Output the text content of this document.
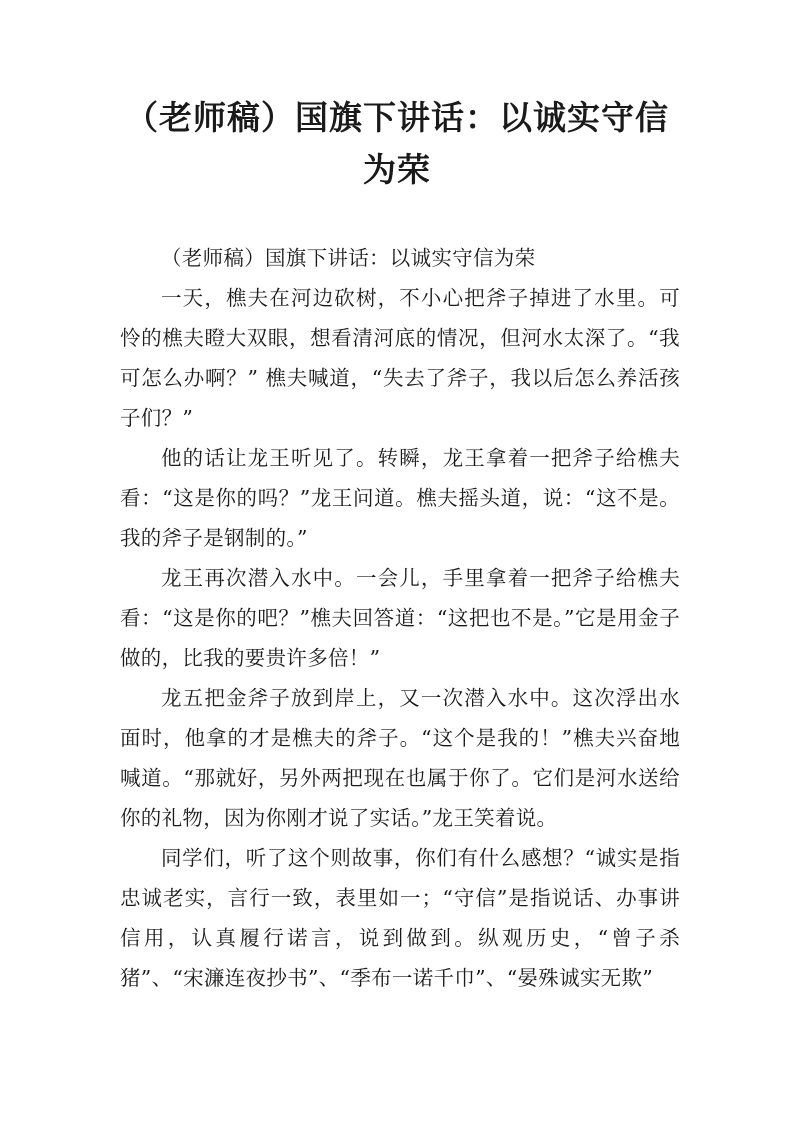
（老师稿）国旗下讲话：以诚实守信为荣

（老师稿）国旗下讲话：以诚实守信为荣

一天，樵夫在河边砍树，不小心把斧子掉进了水里。可怜的樵夫瞪大双眼，想看清河底的情况，但河水太深了。“我可怎么办啊？” 樵夫喊道，“失去了斧子，我以后怎么养活孩子们？”

他的话让龙王听见了。转瞬，龙王拿着一把斧子给樵夫看：“这是你的吗？”龙王问道。樵夫摇头道，说：“这不是。我的斧子是钢制的。”

龙王再次潜入水中。一会儿，手里拿着一把斧子给樵夫看：“这是你的吧？”樵夫回答道：“这把也不是。”它是用金子做的，比我的要贵许多倍！”

龙五把金斧子放到岸上，又一次潜入水中。这次浮出水面时，他拿的才是樵夫的斧子。“这个是我的！”樵夫兴奋地喊道。“那就好，另外两把现在也属于你了。它们是河水送给你的礼物，因为你刚才说了实话。”龙王笑着说。

同学们，听了这个则故事，你们有什么感想？“诚实是指忠诚老实，言行一致，表里如一；“守信”是指说话、办事讲信用，认真履行诺言，说到做到。纵观历史，“曾子杀猪”、“宋濂连夜抄书”、“季布一诺千巾”、“晏殊诚实无欺”
